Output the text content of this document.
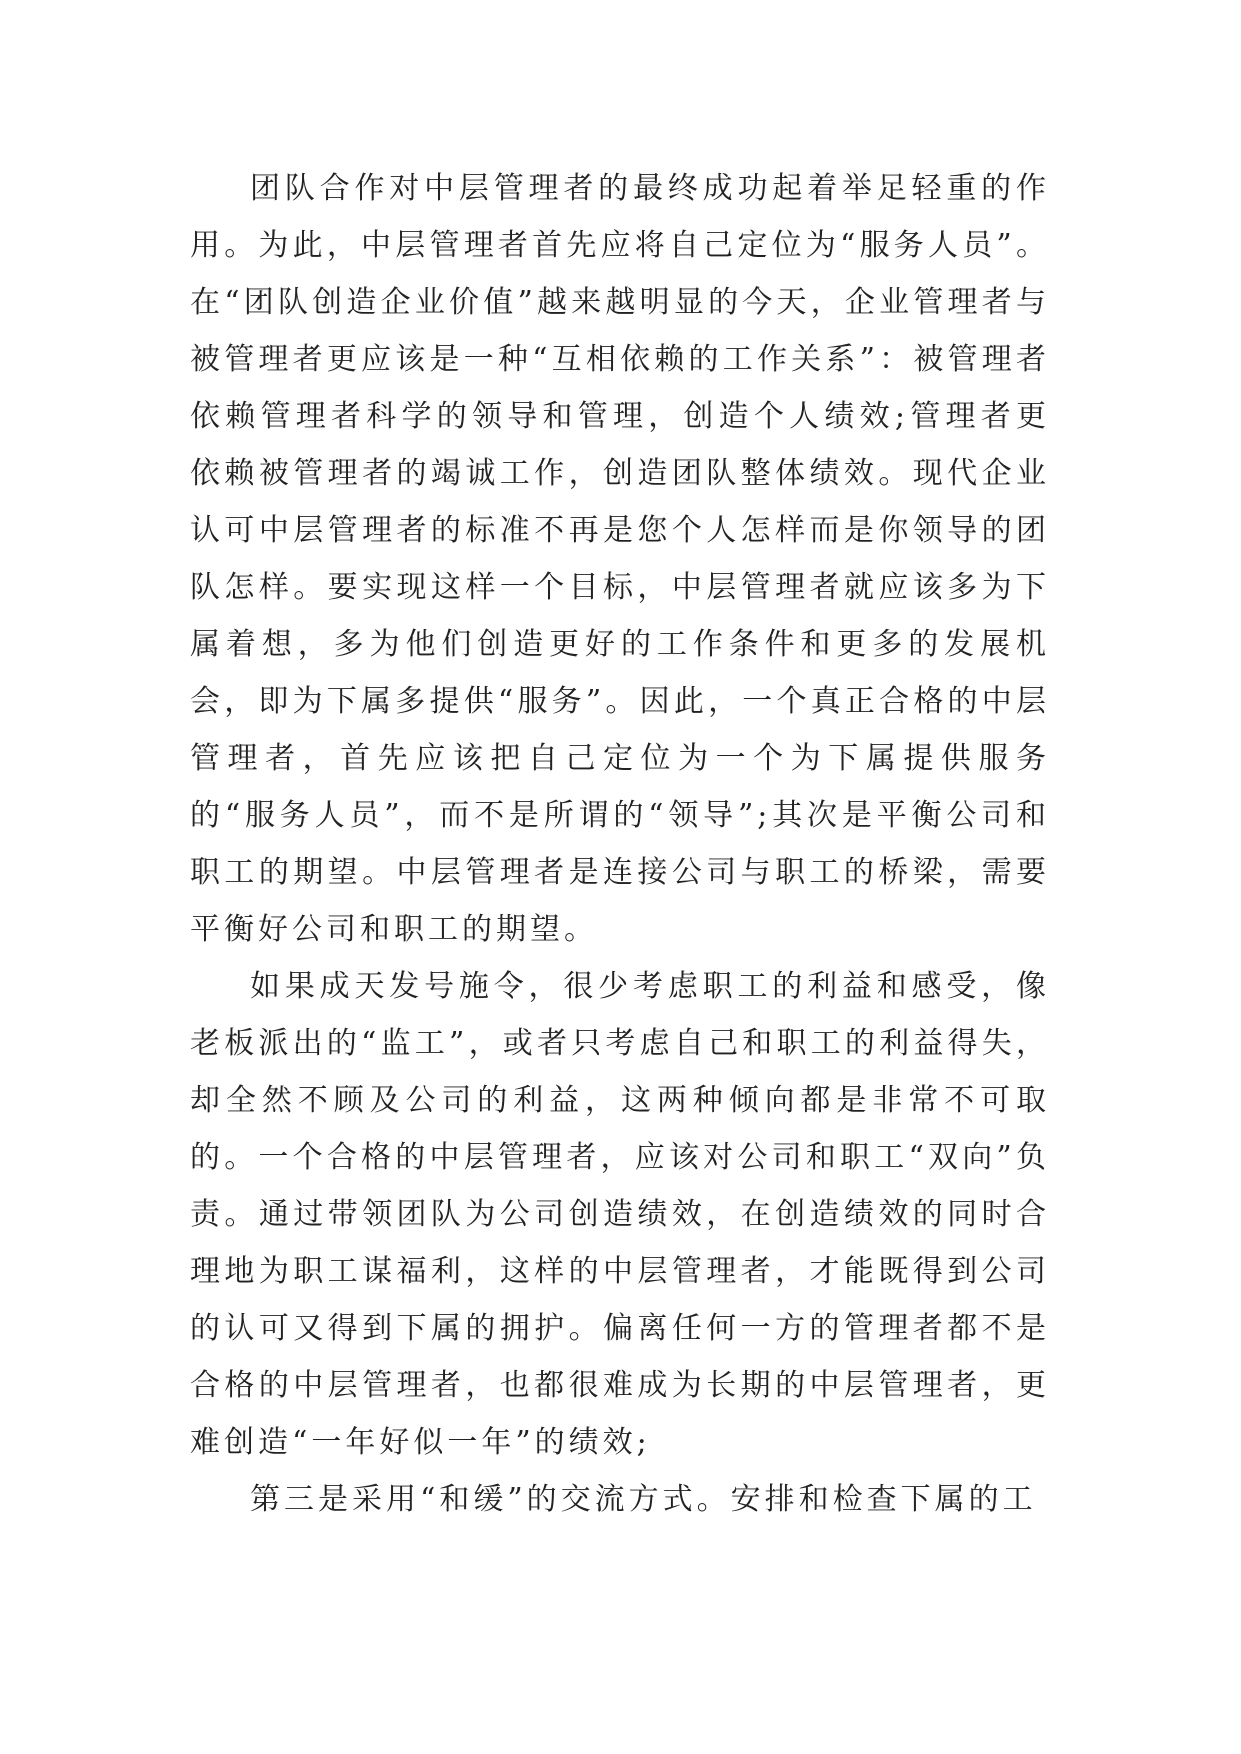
团队合作对中层管理者的最终成功起着举足轻重的作用。为此，中层管理者首先应将自己定位为“服务人员”。在“团队创造企业价值”越来越明显的今天，企业管理者与被管理者更应该是一种“互相依赖的工作关系”：被管理者依赖管理者科学的领导和管理，创造个人绩效;管理者更依赖被管理者的竭诚工作，创造团队整体绩效。现代企业认可中层管理者的标准不再是您个人怎样而是你领导的团队怎样。要实现这样一个目标，中层管理者就应该多为下属着想，多为他们创造更好的工作条件和更多的发展机会，即为下属多提供“服务”。因此，一个真正合格的中层管理者，首先应该把自己定位为一个为下属提供服务的“服务人员”，而不是所谓的“领导”;其次是平衡公司和职工的期望。中层管理者是连接公司与职工的桥梁，需要平衡好公司和职工的期望。

如果成天发号施令，很少考虑职工的利益和感受，像老板派出的“监工”，或者只考虑自己和职工的利益得失，却全然不顾及公司的利益，这两种倾向都是非常不可取的。一个合格的中层管理者，应该对公司和职工“双向”负责。通过带领团队为公司创造绩效，在创造绩效的同时合理地为职工谋福利，这样的中层管理者，才能既得到公司的认可又得到下属的拥护。偏离任何一方的管理者都不是合格的中层管理者，也都很难成为长期的中层管理者，更难创造“一年好似一年”的绩效;

第三是采用“和缓”的交流方式。安排和检查下属的工
